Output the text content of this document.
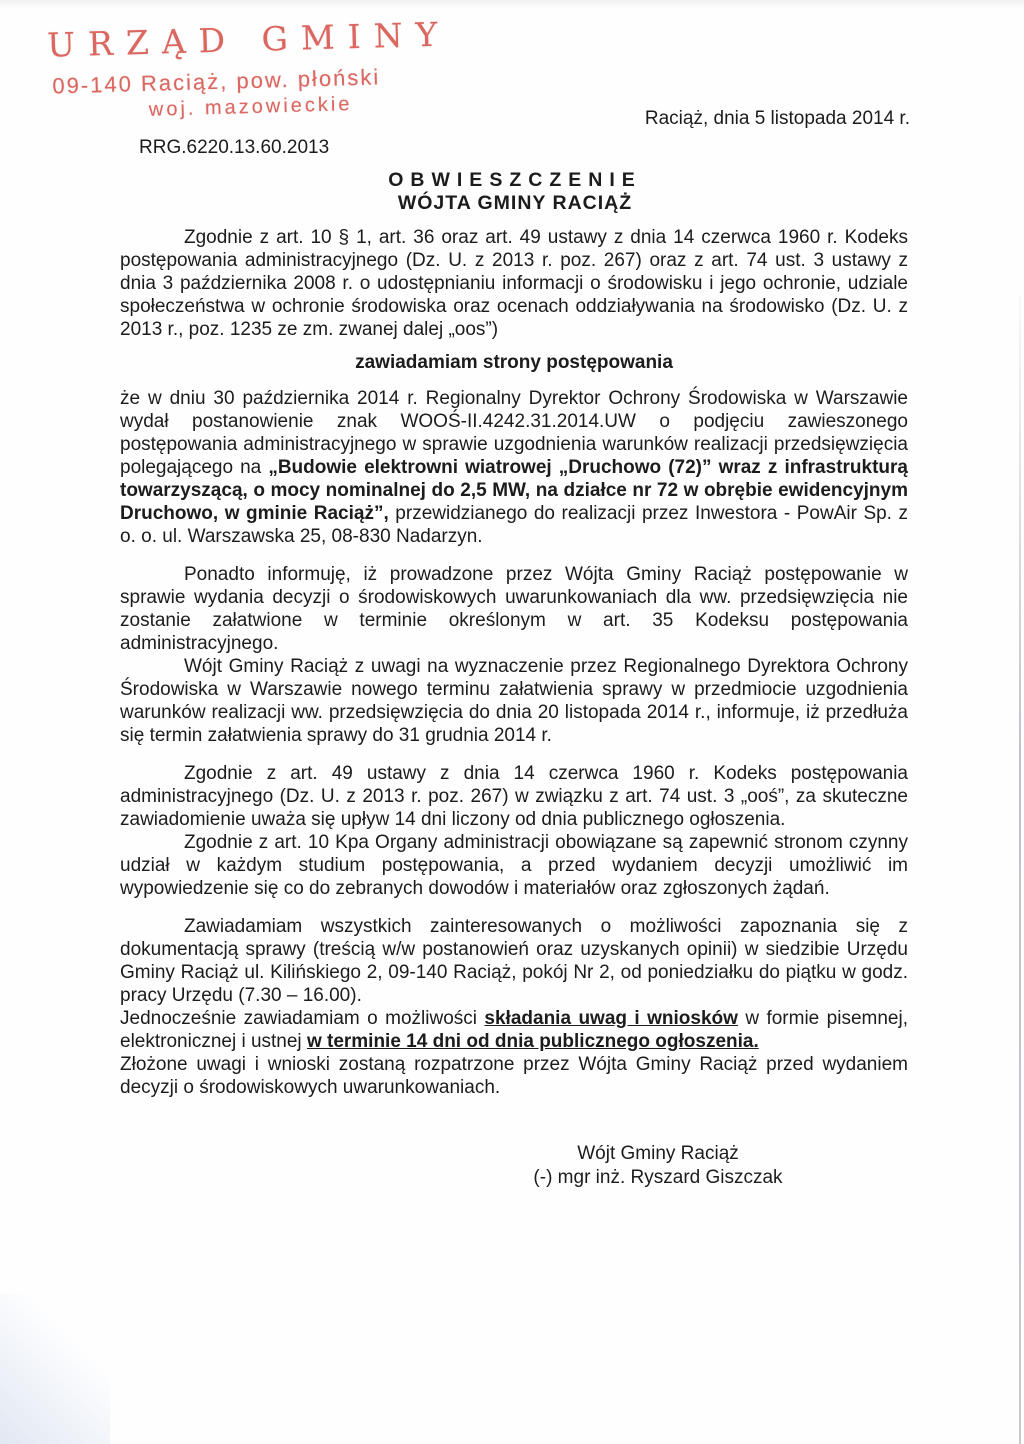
URZĄD GMINY
09-140 Raciąż, pow. płoński
woj. mazowieckie	Raciąż, dnia 5 listopada 2014 r.
RRG.6220.13.60.2013
OBWIESZCZENIE
WÓJTA GMINY RACIĄŻ

Zgodnie z art. 10 § 1, art. 36 oraz art. 49 ustawy z dnia 14 czerwca 1960 r. Kodeks postępowania administracyjnego (Dz. U. z 2013 r. poz. 267) oraz z art. 74 ust. 3 ustawy z dnia 3 października 2008 r. o udostępnianiu informacji o środowisku i jego ochronie, udziale społeczeństwa w ochronie środowiska oraz ocenach oddziaływania na środowisko (Dz. U. z 2013 r., poz. 1235 ze zm. zwanej dalej „oos”)

zawiadamiam strony postępowania

że w dniu 30 października 2014 r. Regionalny Dyrektor Ochrony Środowiska w Warszawie wydał postanowienie znak WOOŚ-II.4242.31.2014.UW o podjęciu zawieszonego postępowania administracyjnego w sprawie uzgodnienia warunków realizacji przedsięwzięcia polegającego na „Budowie elektrowni wiatrowej „Druchowo (72)” wraz z infrastrukturą towarzyszącą, o mocy nominalnej do 2,5 MW, na działce nr 72 w obrębie ewidencyjnym Druchowo, w gminie Raciąż”, przewidzianego do realizacji przez Inwestora - PowAir Sp. z o. o. ul. Warszawska 25, 08-830 Nadarzyn.

Ponadto informuję, iż prowadzone przez Wójta Gminy Raciąż postępowanie w sprawie wydania decyzji o środowiskowych uwarunkowaniach dla ww. przedsięwzięcia nie zostanie załatwione w terminie określonym w art. 35 Kodeksu postępowania administracyjnego.

Wójt Gminy Raciąż z uwagi na wyznaczenie przez Regionalnego Dyrektora Ochrony Środowiska w Warszawie nowego terminu załatwienia sprawy w przedmiocie uzgodnienia warunków realizacji ww. przedsięwzięcia do dnia 20 listopada 2014 r., informuje, iż przedłuża się termin załatwienia sprawy do 31 grudnia 2014 r.

Zgodnie z art. 49 ustawy z dnia 14 czerwca 1960 r. Kodeks postępowania administracyjnego (Dz. U. z 2013 r. poz. 267) w związku z art. 74 ust. 3 „ooś”, za skuteczne zawiadomienie uważa się upływ 14 dni liczony od dnia publicznego ogłoszenia.

Zgodnie z art. 10 Kpa Organy administracji obowiązane są zapewnić stronom czynny udział w każdym studium postępowania, a przed wydaniem decyzji umożliwić im wypowiedzenie się co do zebranych dowodów i materiałów oraz zgłoszonych żądań.

Zawiadamiam wszystkich zainteresowanych o możliwości zapoznania się z dokumentacją sprawy (treścią w/w postanowień oraz uzyskanych opinii) w siedzibie Urzędu Gminy Raciąż ul. Kilińskiego 2, 09-140 Raciąż, pokój Nr 2, od poniedziałku do piątku w godz. pracy Urzędu (7.30 – 16.00).

Jednocześnie zawiadamiam o możliwości składania uwag i wniosków w formie pisemnej, elektronicznej i ustnej w terminie 14 dni od dnia publicznego ogłoszenia.

Złożone uwagi i wnioski zostaną rozpatrzone przez Wójta Gminy Raciąż przed wydaniem decyzji o środowiskowych uwarunkowaniach.

Wójt Gminy Raciąż
(-) mgr inż. Ryszard Giszczak
